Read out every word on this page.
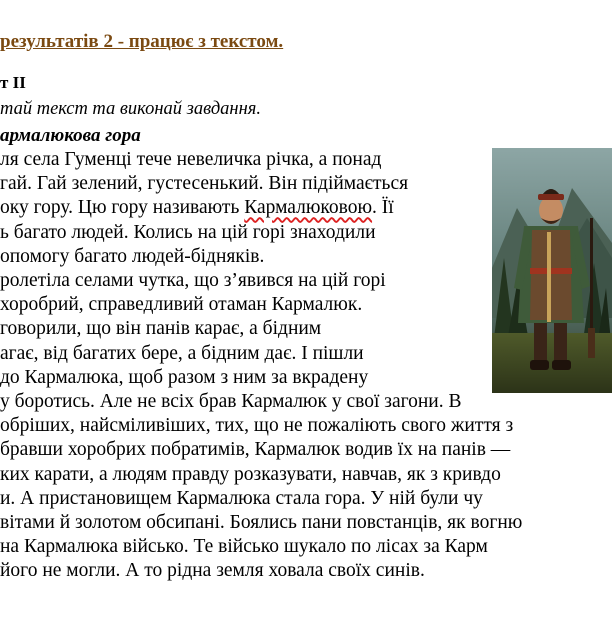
результатів 2 - працює з текстом.
т II
тай текст та виконай завдання.
армалюкова гора
ля села Гуменці тече невеличка річка, а понад
гай. Гай зелений, густесенький. Він підіймається
оку гору. Цю гору називають Кармалюковою. Її
ь багато людей. Колись на цій горі знаходили
опомогу багато людей-бідняків.
ролетіла селами чутка, що з’явився на цій горі
хоробрий, справедливий отаман Кармалюк.
говорили, що він панів карає, а бідним
агає, від багатих бере, а бідним дає. І пішли
до Кармалюка, щоб разом з ним за вкрадену
у боротись. Але не всіх брав Кармалюк у свої загони. В
обріших, найсміливіших, тих, що не пожаліють свого життя з
бравши хоробрих побратимів, Кармалюк водив їх на панів —
ких карати, а людям правду розказувати, навчав, як з кривдо
и. А пристановищем Кармалюка стала гора. У ній були чу
вітами й золотом обсипані. Боялись пани повстанців, як вогню
на Кармалюка військо. Те військо шукало по лісах за Карм
його не могли. А то рідна земля ховала своїх синів.
